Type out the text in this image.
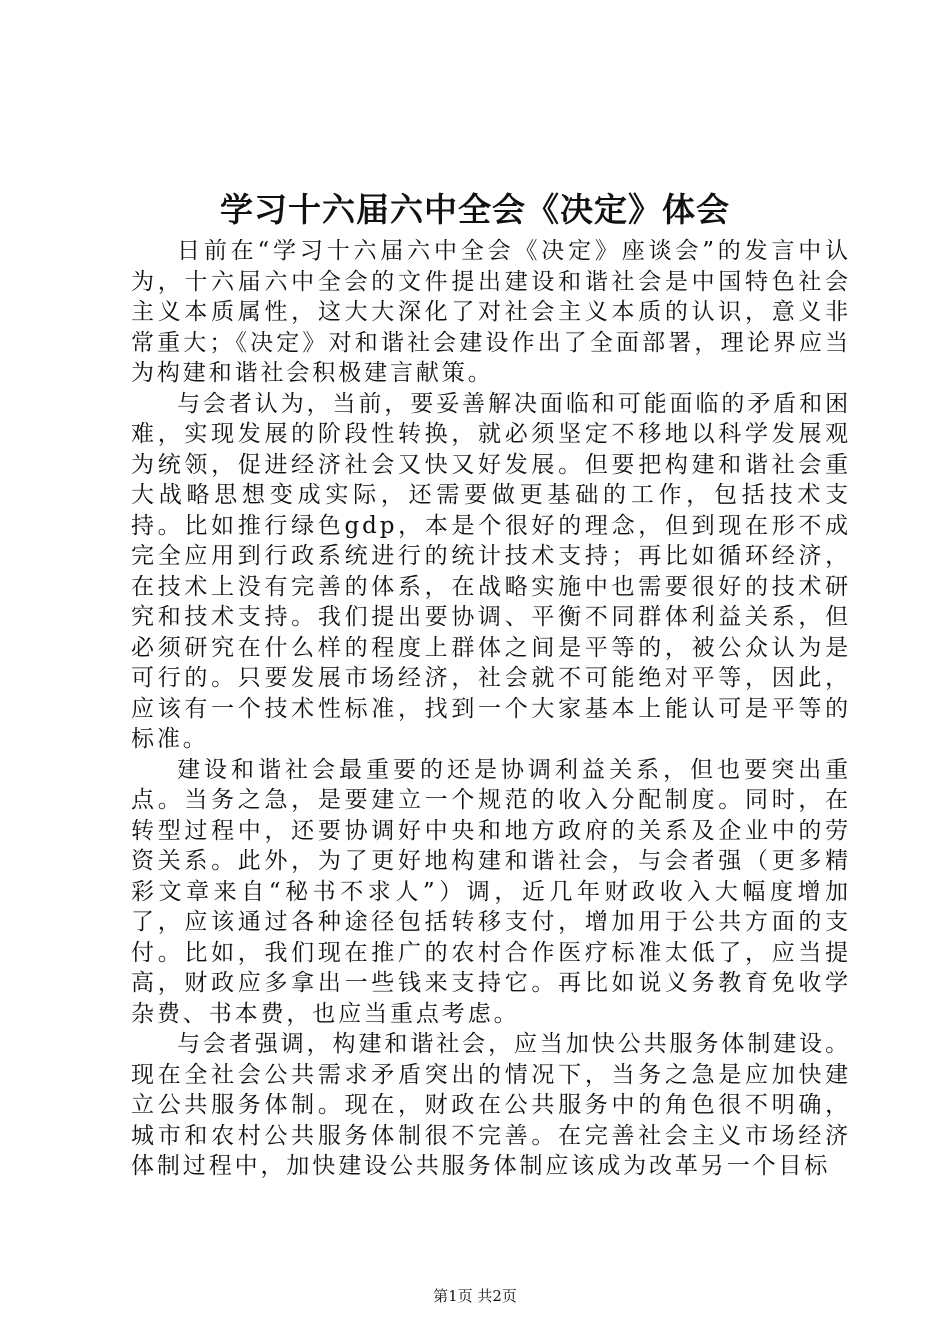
学习十六届六中全会《决定》体会

日前在“学习十六届六中全会《决定》座谈会”的发言中认为，十六届六中全会的文件提出建设和谐社会是中国特色社会主义本质属性，这大大深化了对社会主义本质的认识，意义非常重大；《决定》对和谐社会建设作出了全面部署，理论界应当为构建和谐社会积极建言献策。

与会者认为，当前，要妥善解决面临和可能面临的矛盾和困难，实现发展的阶段性转换，就必须坚定不移地以科学发展观为统领，促进经济社会又快又好发展。但要把构建和谐社会重大战略思想变成实际，还需要做更基础的工作，包括技术支持。比如推行绿色gdp，本是个很好的理念，但到现在形不成完全应用到行政系统进行的统计技术支持；再比如循环经济，在技术上没有完善的体系，在战略实施中也需要很好的技术研究和技术支持。我们提出要协调、平衡不同群体利益关系，但必须研究在什么样的程度上群体之间是平等的，被公众认为是可行的。只要发展市场经济，社会就不可能绝对平等，因此，应该有一个技术性标准，找到一个大家基本上能认可是平等的标准。

建设和谐社会最重要的还是协调利益关系，但也要突出重点。当务之急，是要建立一个规范的收入分配制度。同时，在转型过程中，还要协调好中央和地方政府的关系及企业中的劳资关系。此外，为了更好地构建和谐社会，与会者强（更多精彩文章来自“秘书不求人”）调，近几年财政收入大幅度增加了，应该通过各种途径包括转移支付，增加用于公共方面的支付。比如，我们现在推广的农村合作医疗标准太低了，应当提高，财政应多拿出一些钱来支持它。再比如说义务教育免收学杂费、书本费，也应当重点考虑。

与会者强调，构建和谐社会，应当加快公共服务体制建设。现在全社会公共需求矛盾突出的情况下，当务之急是应加快建立公共服务体制。现在，财政在公共服务中的角色很不明确，城市和农村公共服务体制很不完善。在完善社会主义市场经济体制过程中，加快建设公共服务体制应该成为改革另一个目标

第1页 共2页
